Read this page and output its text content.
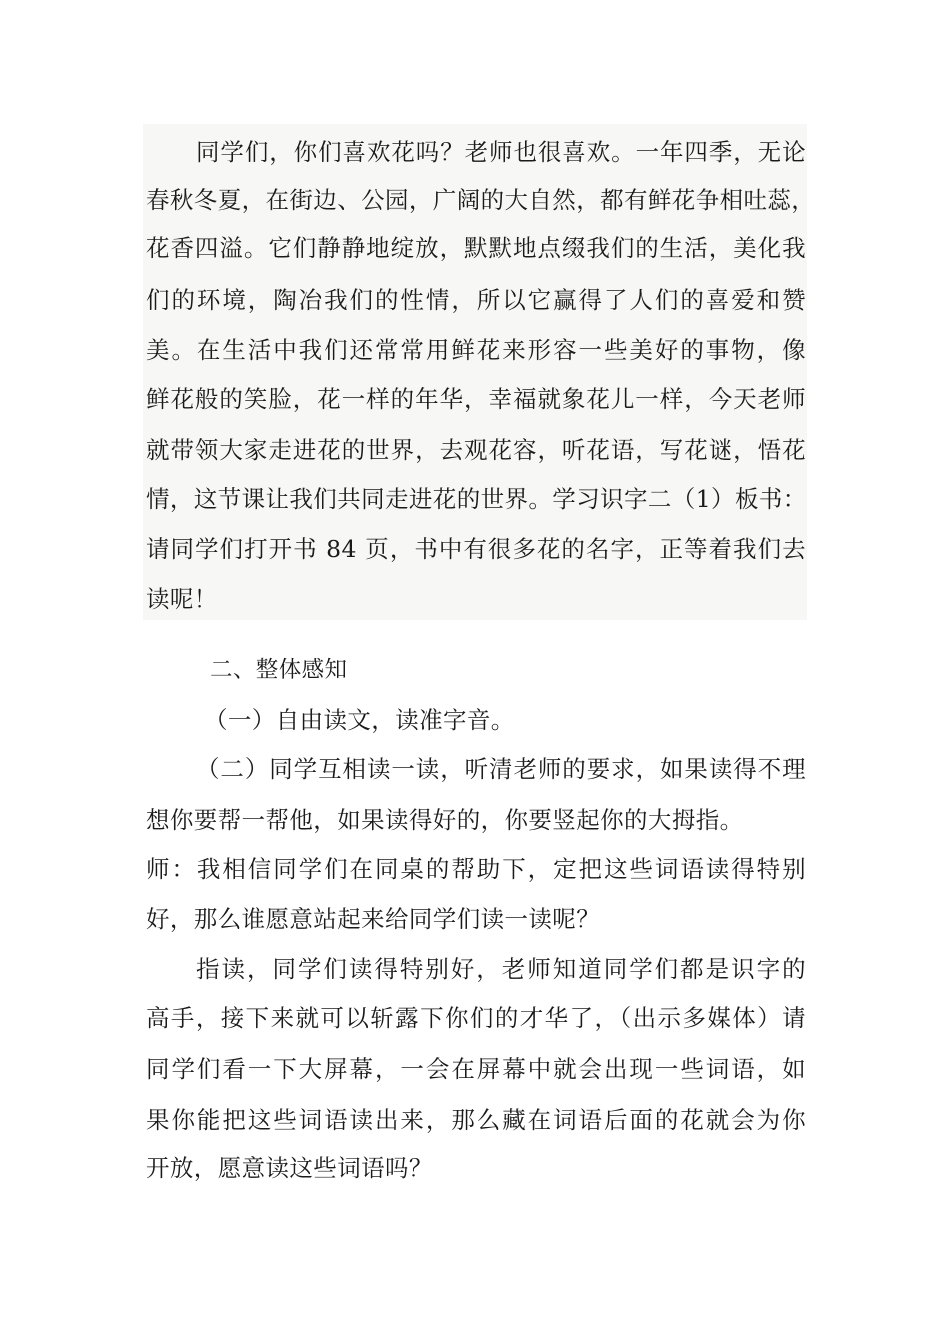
同学们，你们喜欢花吗？老师也很喜欢。一年四季，无论
春秋冬夏，在街边、公园，广阔的大自然，都有鲜花争相吐蕊，
花香四溢。它们静静地绽放，默默地点缀我们的生活，美化我
们的环境，陶冶我们的性情，所以它赢得了人们的喜爱和赞
美。在生活中我们还常常用鲜花来形容一些美好的事物，像
鲜花般的笑脸，花一样的年华，幸福就象花儿一样，今天老师
就带领大家走进花的世界，去观花容，听花语，写花谜，悟花
情，这节课让我们共同走进花的世界。学习识字二（1）板书：
请同学们打开书 84 页，书中有很多花的名字，正等着我们去
读呢！
二、整体感知
（一）自由读文，读准字音。
（二）同学互相读一读，听清老师的要求，如果读得不理
想你要帮一帮他，如果读得好的，你要竖起你的大拇指。
师：我相信同学们在同桌的帮助下，定把这些词语读得特别
好，那么谁愿意站起来给同学们读一读呢？
指读，同学们读得特别好，老师知道同学们都是识字的
高手，接下来就可以斩露下你们的才华了，（出示多媒体）请
同学们看一下大屏幕，一会在屏幕中就会出现一些词语，如
果你能把这些词语读出来，那么藏在词语后面的花就会为你
开放，愿意读这些词语吗？
